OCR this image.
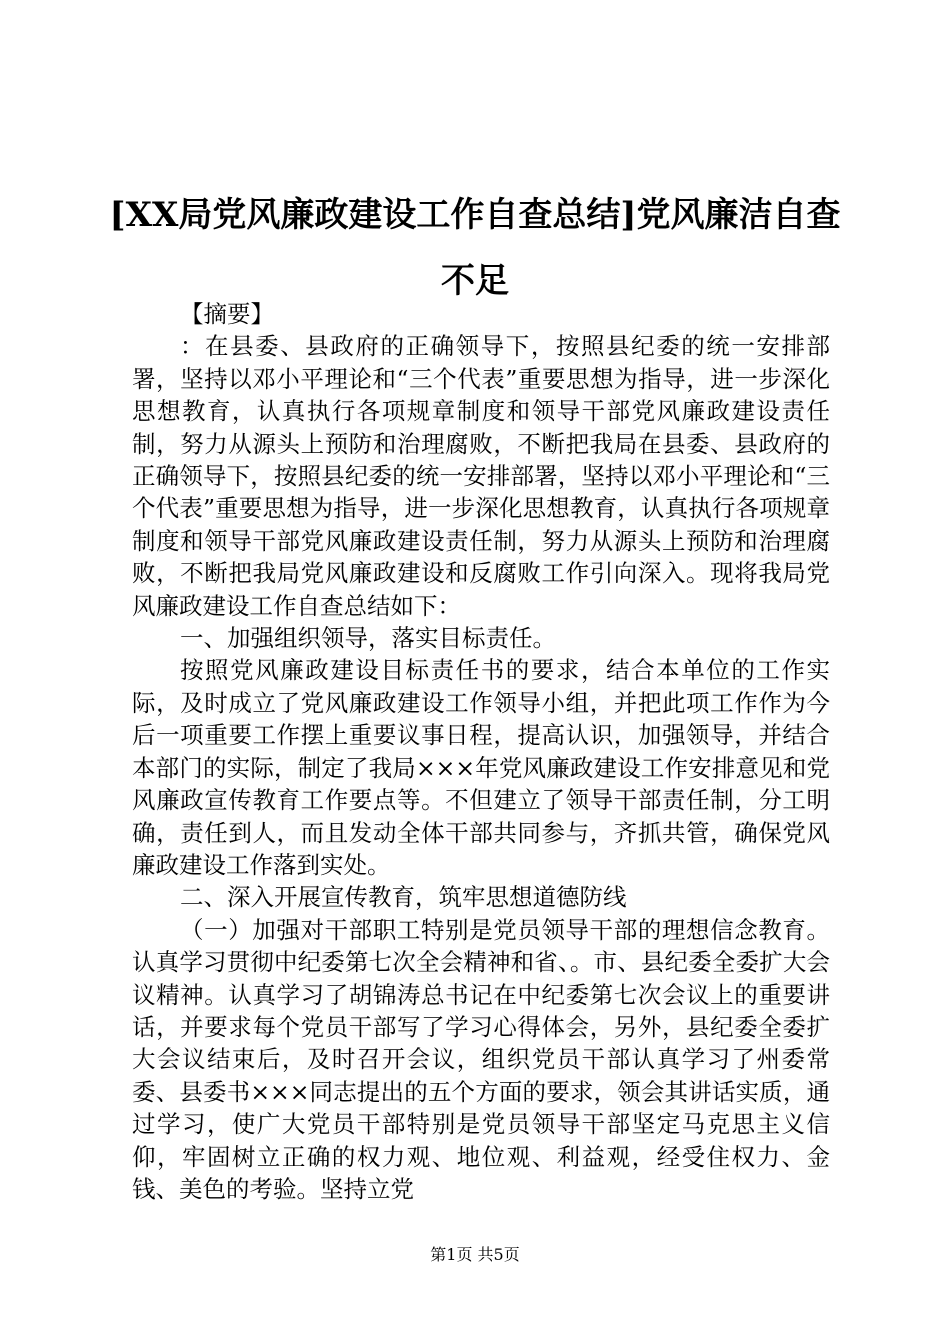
[XX局党风廉政建设工作自查总结]党风廉洁自查不足

【摘要】

：在县委、县政府的正确领导下，按照县纪委的统一安排部署，坚持以邓小平理论和“三个代表”重要思想为指导，进一步深化思想教育，认真执行各项规章制度和领导干部党风廉政建设责任制，努力从源头上预防和治理腐败，不断把我局在县委、县政府的正确领导下，按照县纪委的统一安排部署，坚持以邓小平理论和“三个代表”重要思想为指导，进一步深化思想教育，认真执行各项规章制度和领导干部党风廉政建设责任制，努力从源头上预防和治理腐败，不断把我局党风廉政建设和反腐败工作引向深入。现将我局党风廉政建设工作自查总结如下：

一、加强组织领导，落实目标责任。

按照党风廉政建设目标责任书的要求，结合本单位的工作实际，及时成立了党风廉政建设工作领导小组，并把此项工作作为今后一项重要工作摆上重要议事日程，提高认识，加强领导，并结合本部门的实际，制定了我局×××年党风廉政建设工作安排意见和党风廉政宣传教育工作要点等。不但建立了领导干部责任制，分工明确，责任到人，而且发动全体干部共同参与，齐抓共管，确保党风廉政建设工作落到实处。

二、深入开展宣传教育，筑牢思想道德防线

（一）加强对干部职工特别是党员领导干部的理想信念教育。认真学习贯彻中纪委第七次全会精神和省、。市、县纪委全委扩大会议精神。认真学习了胡锦涛总书记在中纪委第七次会议上的重要讲话，并要求每个党员干部写了学习心得体会，另外，县纪委全委扩大会议结束后，及时召开会议，组织党员干部认真学习了州委常委、县委书×××同志提出的五个方面的要求，领会其讲话实质，通过学习，使广大党员干部特别是党员领导干部坚定马克思主义信仰，牢固树立正确的权力观、地位观、利益观，经受住权力、金钱、美色的考验。坚持立党

第1页 共5页
